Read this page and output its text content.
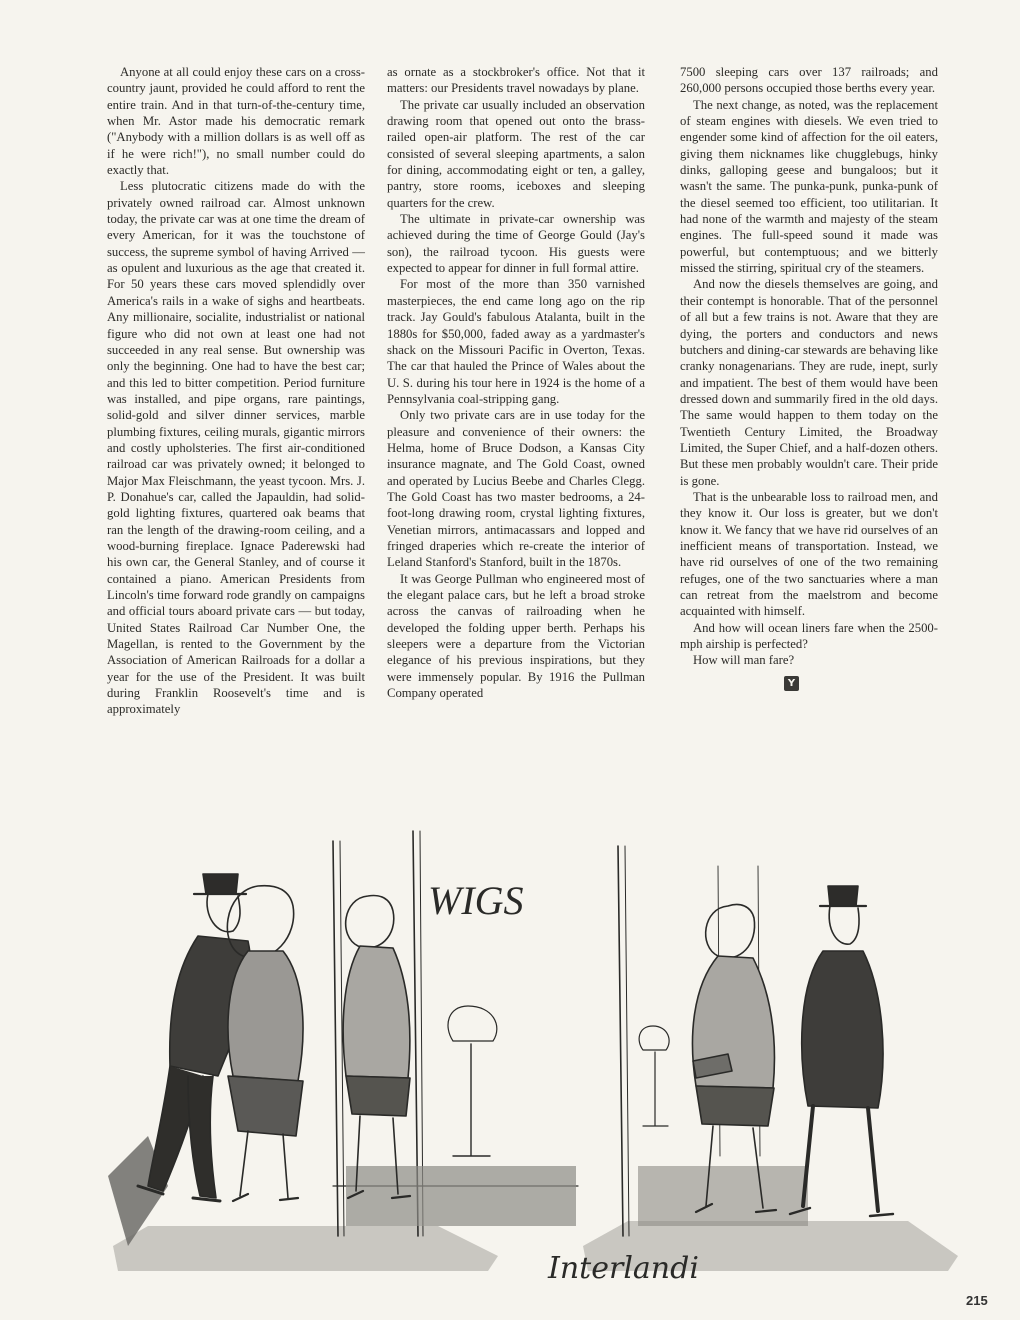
Anyone at all could enjoy these cars on a cross-country jaunt, provided he could afford to rent the entire train. And in that turn-of-the-century time, when Mr. Astor made his democratic remark ("Anybody with a million dollars is as well off as if he were rich!"), no small number could do exactly that.

Less plutocratic citizens made do with the privately owned railroad car. Almost unknown today, the private car was at one time the dream of every American, for it was the touchstone of success, the supreme symbol of having Arrived — as opulent and luxurious as the age that created it. For 50 years these cars moved splendidly over America's rails in a wake of sighs and heartbeats. Any millionaire, socialite, industrialist or national figure who did not own at least one had not succeeded in any real sense. But ownership was only the beginning. One had to have the best car; and this led to bitter competition. Period furniture was installed, and pipe organs, rare paintings, solid-gold and silver dinner services, marble plumbing fixtures, ceiling murals, gigantic mirrors and costly upholsteries. The first air-conditioned railroad car was privately owned; it belonged to Major Max Fleischmann, the yeast tycoon. Mrs. J. P. Donahue's car, called the Japauldin, had solid-gold lighting fixtures, quartered oak beams that ran the length of the drawing-room ceiling, and a wood-burning fireplace. Ignace Paderewski had his own car, the General Stanley, and of course it contained a piano. American Presidents from Lincoln's time forward rode grandly on campaigns and official tours aboard private cars — but today, United States Railroad Car Number One, the Magellan, is rented to the Government by the Association of American Railroads for a dollar a year for the use of the President. It was built during Franklin Roosevelt's time and is approximately

as ornate as a stockbroker's office. Not that it matters: our Presidents travel nowadays by plane.

The private car usually included an observation drawing room that opened out onto the brass-railed open-air platform. The rest of the car consisted of several sleeping apartments, a salon for dining, accommodating eight or ten, a galley, pantry, store rooms, iceboxes and sleeping quarters for the crew.

The ultimate in private-car ownership was achieved during the time of George Gould (Jay's son), the railroad tycoon. His guests were expected to appear for dinner in full formal attire.

For most of the more than 350 varnished masterpieces, the end came long ago on the rip track. Jay Gould's fabulous Atalanta, built in the 1880s for $50,000, faded away as a yardmaster's shack on the Missouri Pacific in Overton, Texas. The car that hauled the Prince of Wales about the U. S. during his tour here in 1924 is the home of a Pennsylvania coal-stripping gang.

Only two private cars are in use today for the pleasure and convenience of their owners: the Helma, home of Bruce Dodson, a Kansas City insurance magnate, and The Gold Coast, owned and operated by Lucius Beebe and Charles Clegg. The Gold Coast has two master bedrooms, a 24-foot-long drawing room, crystal lighting fixtures, Venetian mirrors, antimacassars and lopped and fringed draperies which re-create the interior of Leland Stanford's Stanford, built in the 1870s.

It was George Pullman who engineered most of the elegant palace cars, but he left a broad stroke across the canvas of railroading when he developed the folding upper berth. Perhaps his sleepers were a departure from the Victorian elegance of his previous inspirations, but they were immensely popular. By 1916 the Pullman Company operated

7500 sleeping cars over 137 railroads; and 260,000 persons occupied those berths every year.

The next change, as noted, was the replacement of steam engines with diesels. We even tried to engender some kind of affection for the oil eaters, giving them nicknames like chugglebugs, hinky dinks, galloping geese and bungaloos; but it wasn't the same. The punka-punk, punka-punk of the diesel seemed too efficient, too utilitarian. It had none of the warmth and majesty of the steam engines. The full-speed sound it made was powerful, but contemptuous; and we bitterly missed the stirring, spiritual cry of the steamers.

And now the diesels themselves are going, and their contempt is honorable. That of the personnel of all but a few trains is not. Aware that they are dying, the porters and conductors and news butchers and dining-car stewards are behaving like cranky nonagenarians. They are rude, inept, surly and impatient. The best of them would have been dressed down and summarily fired in the old days. The same would happen to them today on the Twentieth Century Limited, the Broadway Limited, the Super Chief, and a half-dozen others. But these men probably wouldn't care. Their pride is gone.

That is the unbearable loss to railroad men, and they know it. Our loss is greater, but we don't know it. We fancy that we have rid ourselves of an inefficient means of transportation. Instead, we have rid ourselves of one of the two remaining refuges, one of the two sanctuaries where a man can retreat from the maelstrom and become acquainted with himself.

And how will ocean liners fare when the 2500-mph airship is perfected?

How will man fare?

Y
WIGS
Interlandi
215
